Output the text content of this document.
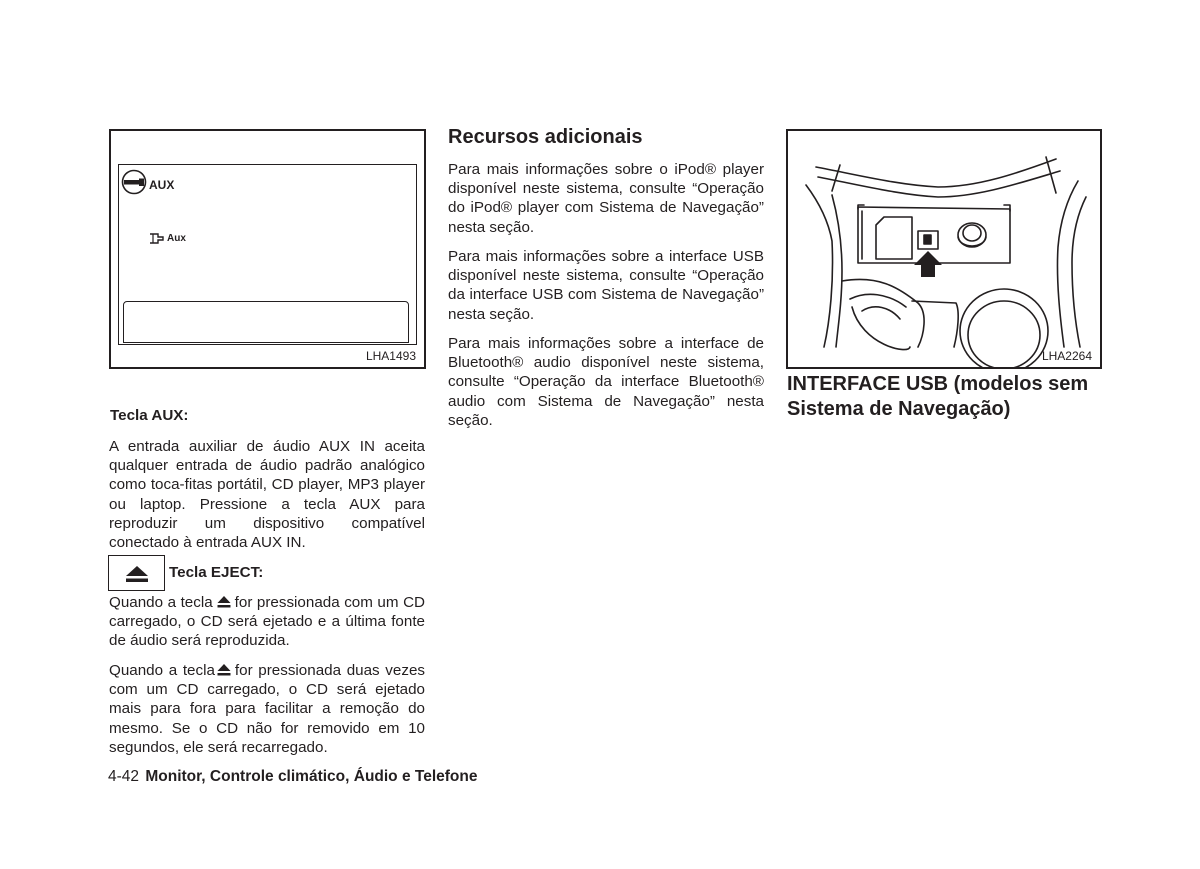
AUX
Aux
LHA1493
Tecla AUX:

A entrada auxiliar de áudio AUX IN aceita qualquer entrada de áudio padrão analógico como toca-fitas portátil, CD player, MP3 player ou laptop. Pressione a tecla AUX para reproduzir um dispositivo compatível conectado à entrada AUX IN.

Tecla EJECT:

Quando a tecla for pressionada com um CD carregado, o CD será ejetado e a última fonte de áudio será reproduzida.

Quando a tecla for pressionada duas vezes com um CD carregado, o CD será ejetado mais para fora para facilitar a remoção do mesmo. Se o CD não for removido em 10 segundos, ele será recarregado.

Recursos adicionais

Para mais informações sobre o iPod® player disponível neste sistema, consulte “Operação do iPod® player com Sistema de Navegação” nesta seção.

Para mais informações sobre a interface USB disponível neste sistema, consulte “Operação da interface USB com Sistema de Navegação” nesta seção.

Para mais informações sobre a interface de Bluetooth® audio disponível neste sistema, consulte “Operação da interface Bluetooth® audio com Sistema de Navegação” nesta seção.

LHA2264
INTERFACE USB (modelos sem Sistema de Navegação)
4-42 Monitor, Controle climático, Áudio e Telefone
